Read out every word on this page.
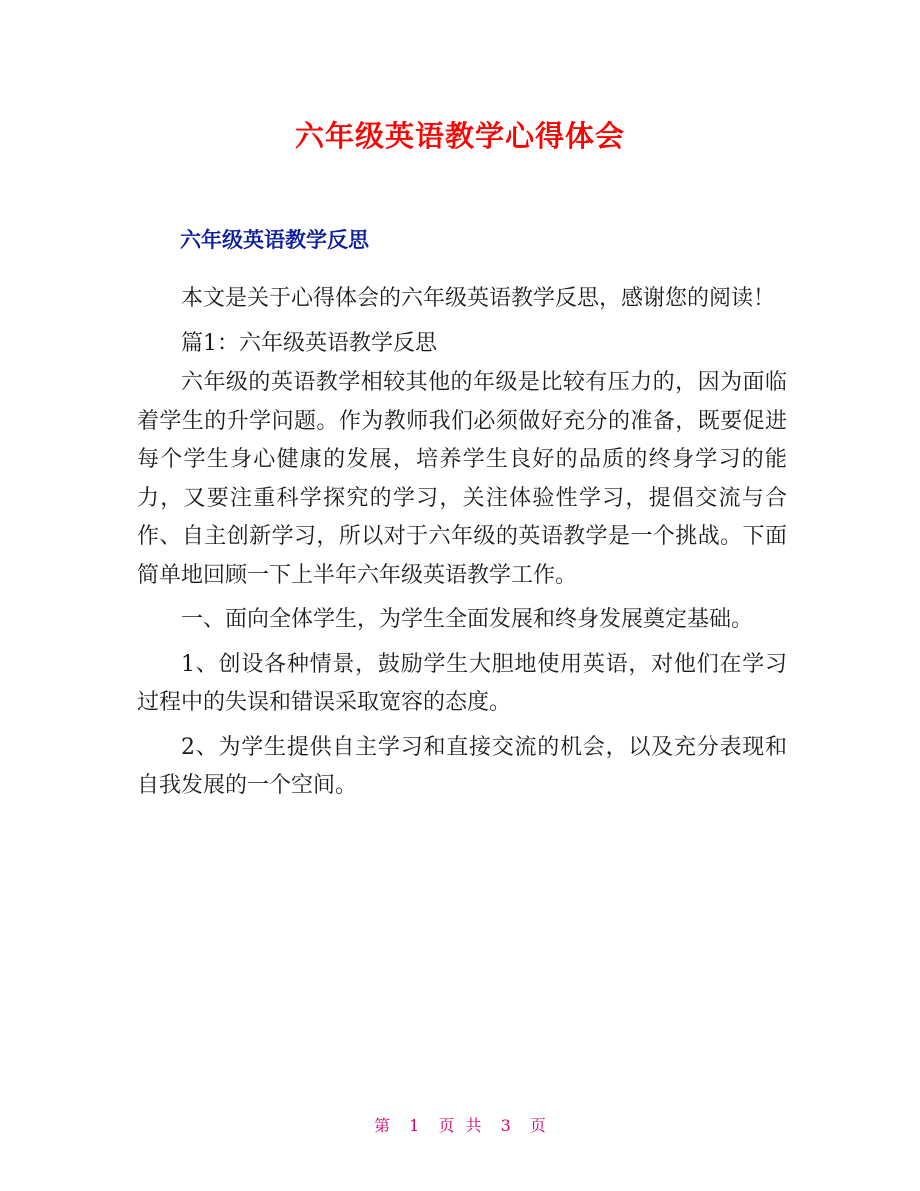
六年级英语教学心得体会
六年级英语教学反思

本文是关于心得体会的六年级英语教学反思，感谢您的阅读！

篇1：六年级英语教学反思

六年级的英语教学相较其他的年级是比较有压力的，因为面临着学生的升学问题。作为教师我们必须做好充分的准备，既要促进每个学生身心健康的发展，培养学生良好的品质的终身学习的能力，又要注重科学探究的学习，关注体验性学习，提倡交流与合作、自主创新学习，所以对于六年级的英语教学是一个挑战。下面简单地回顾一下上半年六年级英语教学工作。

一、面向全体学生，为学生全面发展和终身发展奠定基础。

1、创设各种情景，鼓励学生大胆地使用英语，对他们在学习过程中的失误和错误采取宽容的态度。

2、为学生提供自主学习和直接交流的机会，以及充分表现和自我发展的一个空间。

第 1 页 共 3 页
